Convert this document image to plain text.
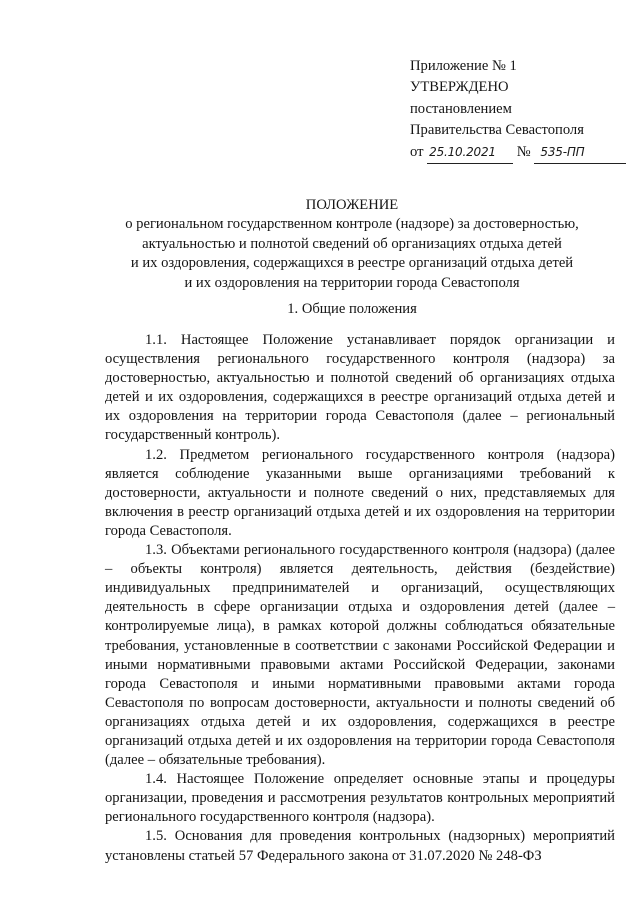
Приложение № 1
УТВЕРЖДЕНО
постановлением
Правительства Севастополя
от 25.10.2021 № 535-ПП
ПОЛОЖЕНИЕ
о региональном государственном контроле (надзоре) за достоверностью,
актуальностью и полнотой сведений об организациях отдыха детей
и их оздоровления, содержащихся в реестре организаций отдыха детей
и их оздоровления на территории города Севастополя
1. Общие положения

1.1. Настоящее Положение устанавливает порядок организации и осуществления регионального государственного контроля (надзора) за достоверностью, актуальностью и полнотой сведений об организациях отдыха детей и их оздоровления, содержащихся в реестре организаций отдыха детей и их оздоровления на территории города Севастополя (далее – региональный государственный контроль).

1.2. Предметом регионального государственного контроля (надзора) является соблюдение указанными выше организациями требований к достоверности, актуальности и полноте сведений о них, представляемых для включения в реестр организаций отдыха детей и их оздоровления на территории города Севастополя.

1.3. Объектами регионального государственного контроля (надзора) (далее – объекты контроля) является деятельность, действия (бездействие) индивидуальных предпринимателей и организаций, осуществляющих деятельность в сфере организации отдыха и оздоровления детей (далее – контролируемые лица), в рамках которой должны соблюдаться обязательные требования, установленные в соответствии с законами Российской Федерации и иными нормативными правовыми актами Российской Федерации, законами города Севастополя и иными нормативными правовыми актами города Севастополя по вопросам достоверности, актуальности и полноты сведений об организациях отдыха детей и их оздоровления, содержащихся в реестре организаций отдыха детей и их оздоровления на территории города Севастополя (далее – обязательные требования).

1.4. Настоящее Положение определяет основные этапы и процедуры организации, проведения и рассмотрения результатов контрольных мероприятий регионального государственного контроля (надзора).

1.5. Основания для проведения контрольных (надзорных) мероприятий установлены статьей 57 Федерального закона от 31.07.2020 № 248-ФЗ
